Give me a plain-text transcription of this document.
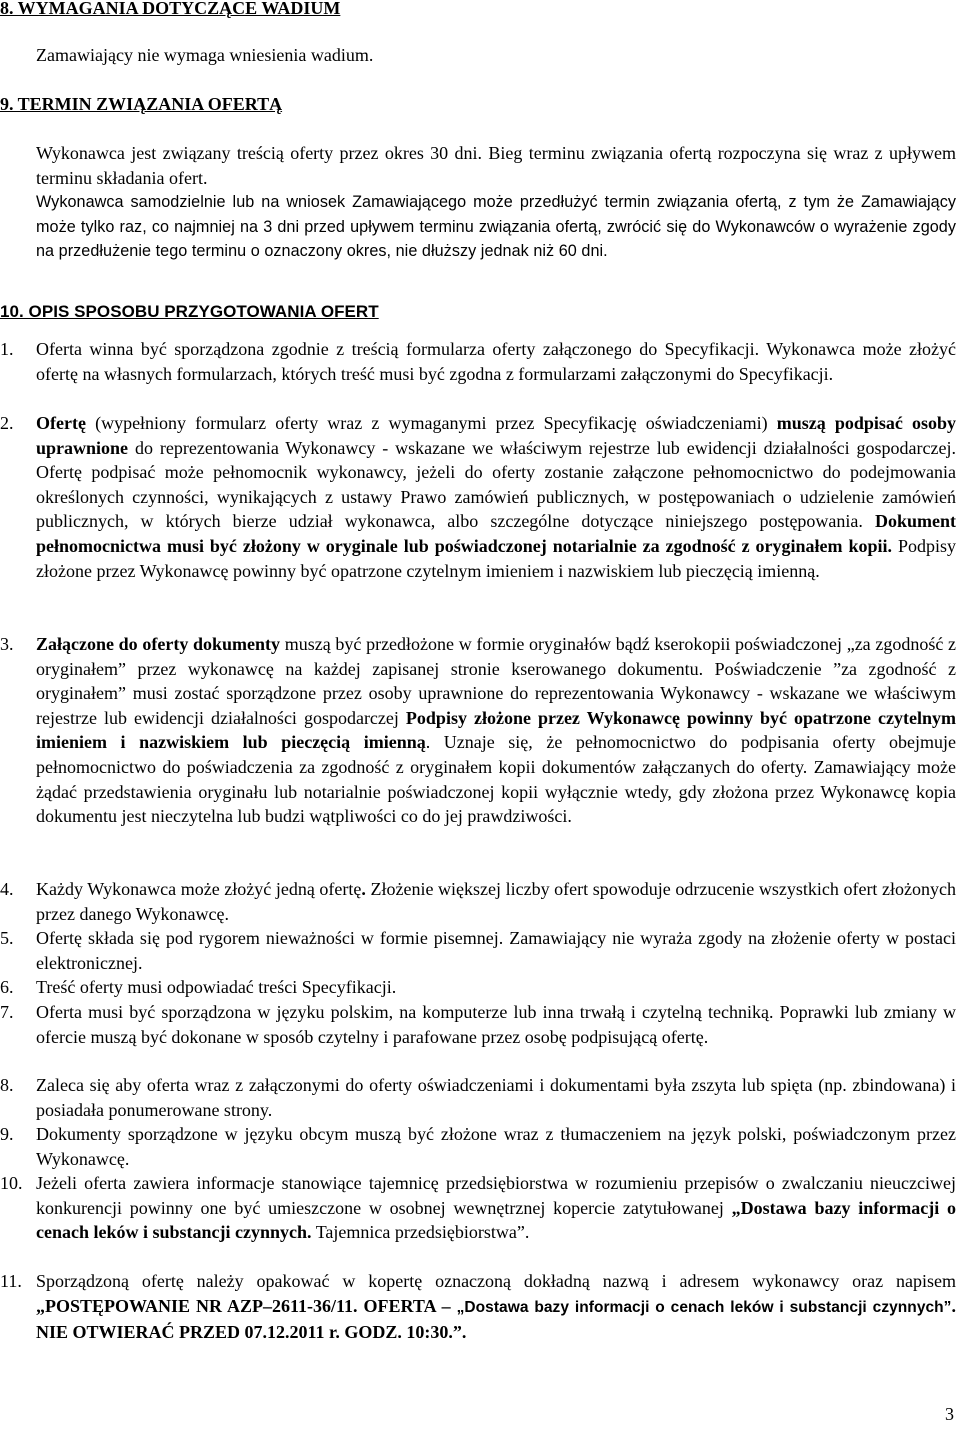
8. WYMAGANIA DOTYCZĄCE WADIUM
Zamawiający nie wymaga wniesienia wadium.
9. TERMIN ZWIĄZANIA OFERTĄ
Wykonawca jest związany treścią oferty przez okres 30 dni. Bieg terminu związania ofertą rozpoczyna się wraz z upływem terminu składania ofert.
Wykonawca samodzielnie lub na wniosek Zamawiającego może przedłużyć termin związania ofertą, z tym że Zamawiający może tylko raz, co najmniej na 3 dni przed upływem terminu związania ofertą, zwrócić się do Wykonawców o wyrażenie zgody na przedłużenie tego terminu o oznaczony okres, nie dłuższy jednak niż 60 dni.
10. OPIS SPOSOBU PRZYGOTOWANIA OFERT
1. Oferta winna być sporządzona zgodnie z treścią formularza oferty załączonego do Specyfikacji. Wykonawca może złożyć ofertę na własnych formularzach, których treść musi być zgodna z formularzami załączonymi do Specyfikacji.
2. Ofertę (wypełniony formularz oferty wraz z wymaganymi przez Specyfikację oświadczeniami) muszą podpisać osoby uprawnione do reprezentowania Wykonawcy - wskazane we właściwym rejestrze lub ewidencji działalności gospodarczej. Ofertę podpisać może pełnomocnik wykonawcy, jeżeli do oferty zostanie załączone pełnomocnictwo do podejmowania określonych czynności, wynikających z ustawy Prawo zamówień publicznych, w postępowaniach o udzielenie zamówień publicznych, w których bierze udział wykonawca, albo szczególne dotyczące niniejszego postępowania. Dokument pełnomocnictwa musi być złożony w oryginale lub poświadczonej notarialnie za zgodność z oryginałem kopii. Podpisy złożone przez Wykonawcę powinny być opatrzone czytelnym imieniem i nazwiskiem lub pieczęcią imienną.
3. Załączone do oferty dokumenty muszą być przedłożone w formie oryginałów bądź kserokopii poświadczonej „za zgodność z oryginałem” przez wykonawcę na każdej zapisanej stronie kserowanego dokumentu. Poświadczenie ”za zgodność z oryginałem” musi zostać sporządzone przez osoby uprawnione do reprezentowania Wykonawcy - wskazane we właściwym rejestrze lub ewidencji działalności gospodarczej Podpisy złożone przez Wykonawcę powinny być opatrzone czytelnym imieniem i nazwiskiem lub pieczęcią imienną. Uznaje się, że pełnomocnictwo do podpisania oferty obejmuje pełnomocnictwo do poświadczenia za zgodność z oryginałem kopii dokumentów załączanych do oferty. Zamawiający może żądać przedstawienia oryginału lub notarialnie poświadczonej kopii wyłącznie wtedy, gdy złożona przez Wykonawcę kopia dokumentu jest nieczytelna lub budzi wątpliwości co do jej prawdziwości.
4. Każdy Wykonawca może złożyć jedną ofertę. Złożenie większej liczby ofert spowoduje odrzucenie wszystkich ofert złożonych przez danego Wykonawcę.
5. Ofertę składa się pod rygorem nieważności w formie pisemnej. Zamawiający nie wyraża zgody na złożenie oferty w postaci elektronicznej.
6. Treść oferty musi odpowiadać treści Specyfikacji.
7. Oferta musi być sporządzona w języku polskim, na komputerze lub inna trwałą i czytelną techniką. Poprawki lub zmiany w ofercie muszą być dokonane w sposób czytelny i parafowane przez osobę podpisującą ofertę.
8. Zaleca się aby oferta wraz z załączonymi do oferty oświadczeniami i dokumentami była zszyta lub spięta (np. zbindowana) i posiadała ponumerowane strony.
9. Dokumenty sporządzone w języku obcym muszą być złożone wraz z tłumaczeniem na język polski, poświadczonym przez Wykonawcę.
10. Jeżeli oferta zawiera informacje stanowiące tajemnicę przedsiębiorstwa w rozumieniu przepisów o zwalczaniu nieuczciwej konkurencji powinny one być umieszczone w osobnej wewnętrznej kopercie zatytułowanej „Dostawa bazy informacji o cenach leków i substancji czynnych. Tajemnica przedsiębiorstwa”.
11. Sporządzoną ofertę należy opakować w kopertę oznaczoną dokładną nazwą i adresem wykonawcy oraz napisem „POSTĘPOWANIE NR AZP–2611-36/11. OFERTA – „Dostawa bazy informacji o cenach leków i substancji czynnych”. NIE OTWIERAĆ PRZED 07.12.2011 r. GODZ. 10:30.”.
3
